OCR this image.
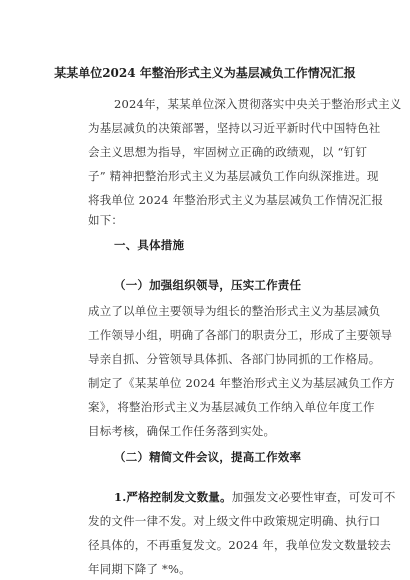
某某单位2024 年整治形式主义为基层减负工作情况汇报
2024年，某某单位深入贯彻落实中央关于整治形式主义
为基层减负的决策部署，坚持以习近平新时代中国特色社
会主义思想为指导，牢固树立正确的政绩观，以 “钉钉
子” 精神把整治形式主义为基层减负工作向纵深推进。现
将我单位 2024 年整治形式主义为基层减负工作情况汇报
如下：
一、具体措施
（一）加强组织领导，压实工作责任
成立了以单位主要领导为组长的整治形式主义为基层减负
工作领导小组，明确了各部门的职责分工，形成了主要领导
导亲自抓、分管领导具体抓、各部门协同抓的工作格局。
制定了《某某单位 2024 年整治形式主义为基层减负工作方
案》，将整治形式主义为基层减负工作纳入单位年度工作
目标考核，确保工作任务落到实处。
（二）精简文件会议，提高工作效率
1.严格控制发文数量。加强发文必要性审查，可发可不
发的文件一律不发。对上级文件中政策规定明确、执行口
径具体的，不再重复发文。2024 年，我单位发文数量较去
年同期下降了 *%。
